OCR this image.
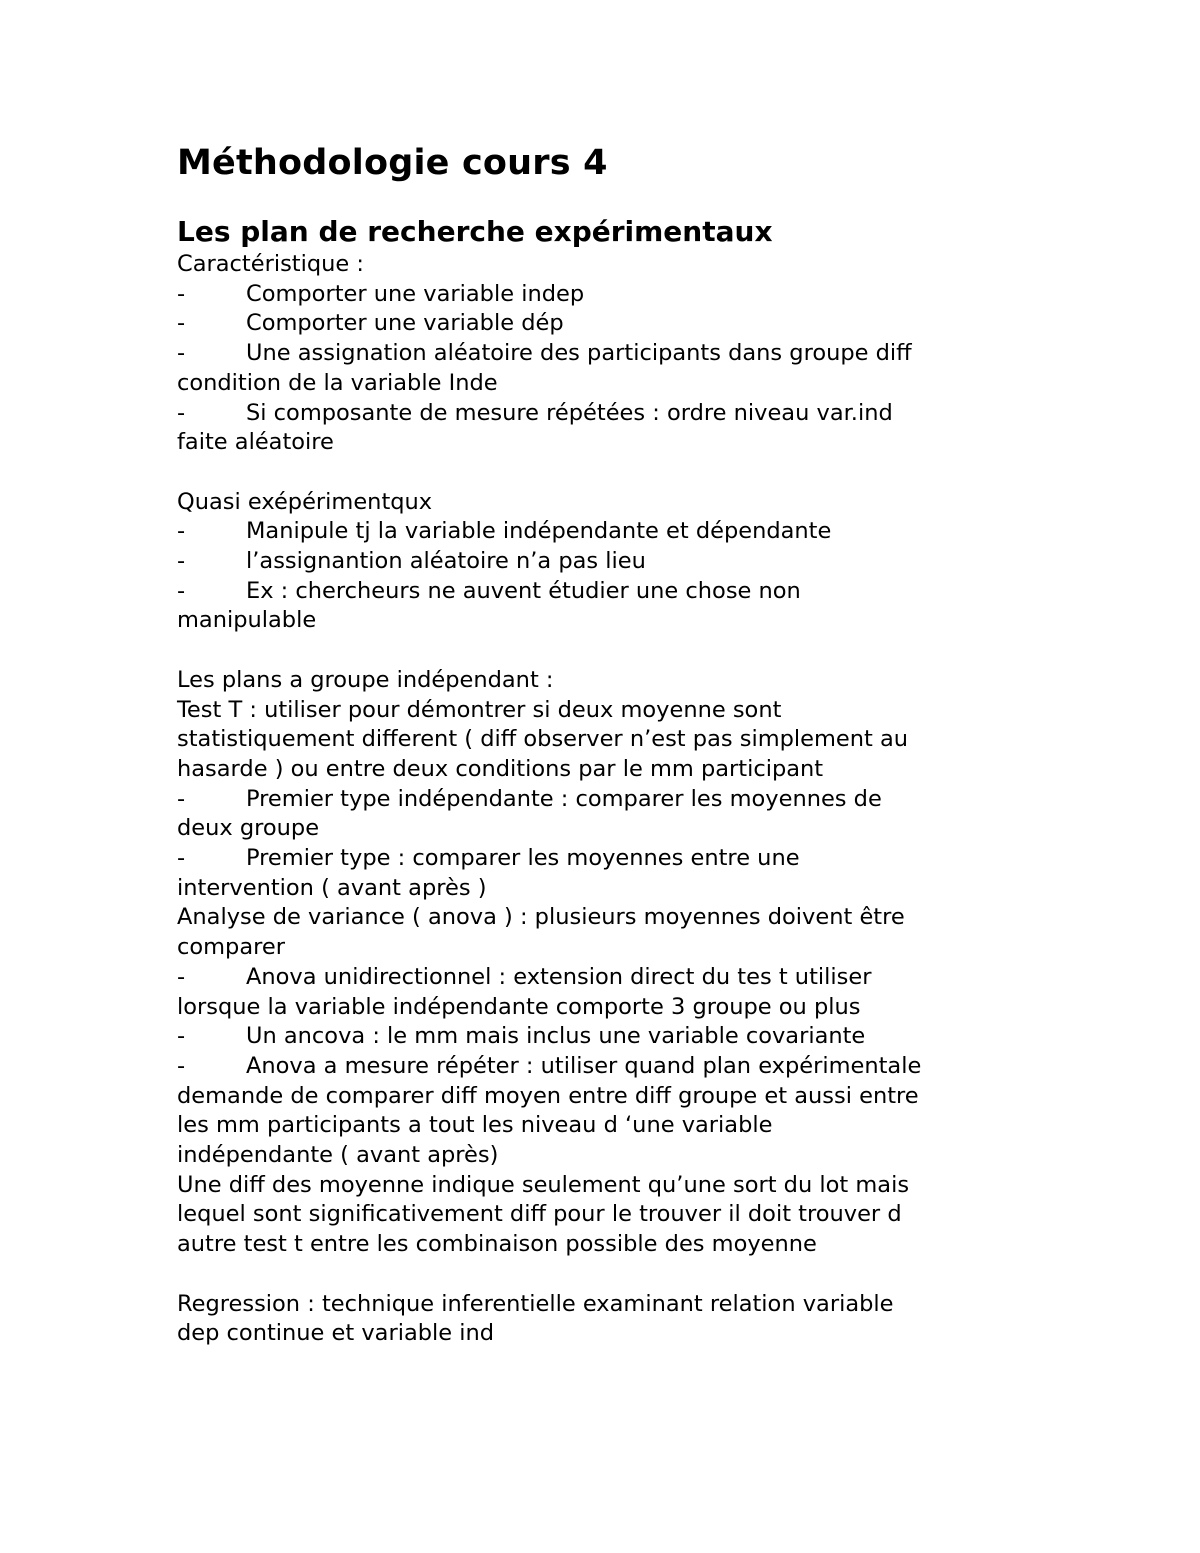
Méthodologie cours 4
Les plan de recherche expérimentaux

Caractéristique :

-	Comporter une variable indep

-	Comporter une variable dép

-	Une assignation aléatoire des participants dans groupe diff

condition de la variable Inde

-	Si composante de mesure répétées : ordre niveau var.ind

faite aléatoire

Quasi exépérimentqux

-	Manipule tj la variable indépendante et dépendante

-	l’assignantion aléatoire n’a pas lieu

-	Ex : chercheurs ne auvent étudier une chose non

manipulable

Les plans a groupe indépendant :

Test T : utiliser pour démontrer si deux moyenne sont

statistiquement different ( diff observer n’est pas simplement au

hasarde ) ou entre deux conditions par le mm participant

-	Premier type indépendante : comparer les moyennes de

deux groupe

-	Premier type : comparer les moyennes entre une

intervention ( avant après )

Analyse de variance ( anova ) : plusieurs moyennes doivent être

comparer

-	Anova unidirectionnel : extension direct du tes t utiliser

lorsque la variable indépendante comporte 3 groupe ou plus

-	Un ancova : le mm mais inclus une variable covariante

-	Anova a mesure répéter : utiliser quand plan expérimentale

demande de comparer diff moyen entre diff groupe et aussi entre

les mm participants a tout les niveau d ‘une variable

indépendante ( avant après)

Une diff des moyenne indique seulement qu’une sort du lot mais

lequel sont significativement diff pour le trouver il doit trouver d

autre test t entre les combinaison possible des moyenne

Regression : technique inferentielle examinant relation variable

dep continue et variable ind
